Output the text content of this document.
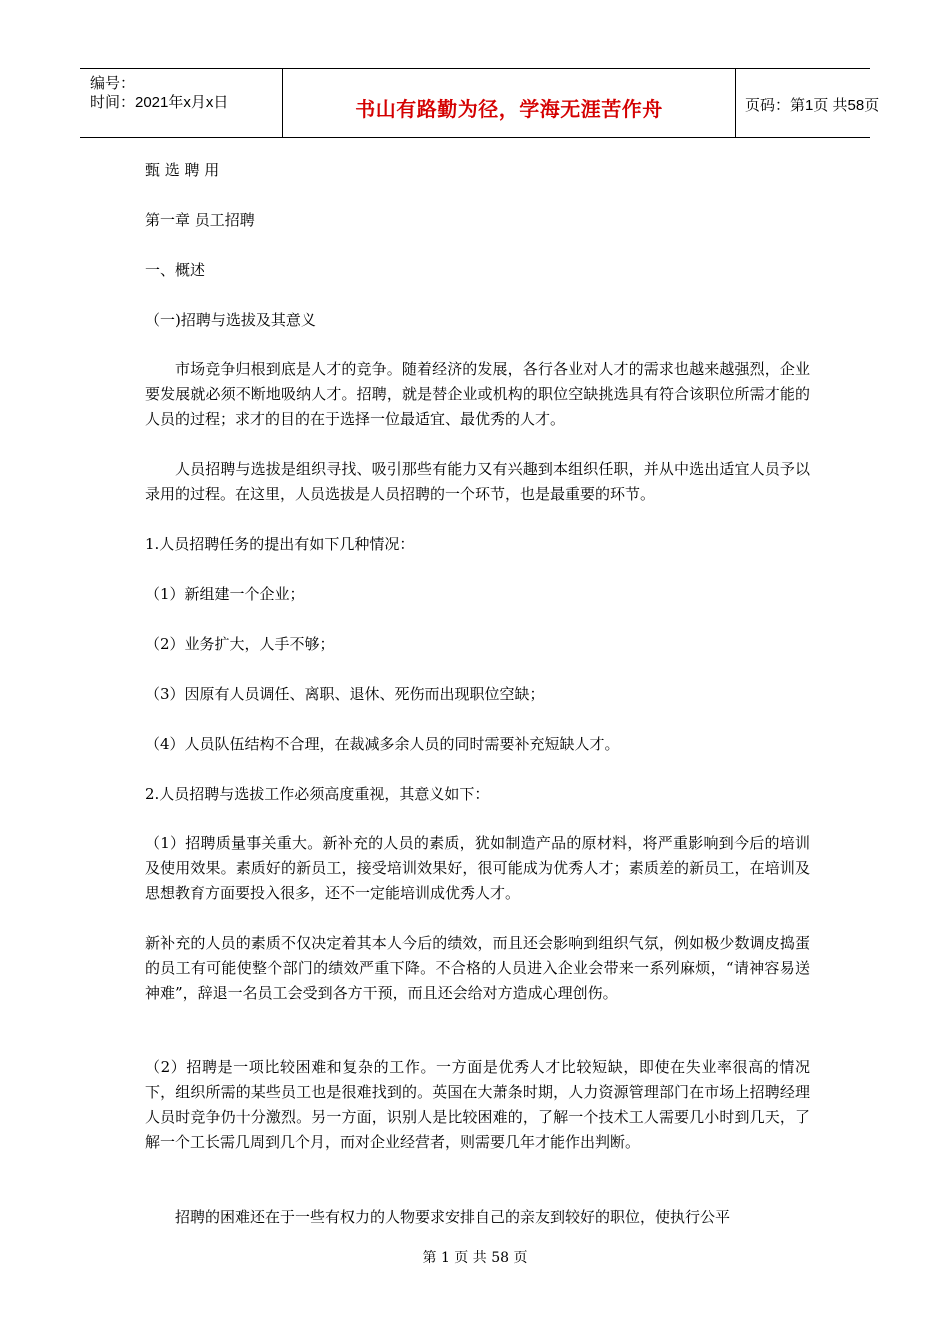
编号：
时间：2021年x月x日	书山有路勤为径，学海无涯苦作舟	页码：第1页 共58页

甄 选 聘 用

第一章 员工招聘

一、概述

（一)招聘与选拔及其意义

市场竞争归根到底是人才的竞争。随着经济的发展，各行各业对人才的需求也越来越强烈，企业要发展就必须不断地吸纳人才。招聘，就是替企业或机构的职位空缺挑选具有符合该职位所需才能的人员的过程；求才的目的在于选择一位最适宜、最优秀的人才。

人员招聘与选拔是组织寻找、吸引那些有能力又有兴趣到本组织任职，并从中选出适宜人员予以录用的过程。在这里，人员选拔是人员招聘的一个环节，也是最重要的环节。

1.人员招聘任务的提出有如下几种情况：

（1）新组建一个企业；

（2）业务扩大，人手不够；

（3）因原有人员调任、离职、退休、死伤而出现职位空缺；

（4）人员队伍结构不合理，在裁减多余人员的同时需要补充短缺人才。

2.人员招聘与选拔工作必须高度重视，其意义如下：

（1）招聘质量事关重大。新补充的人员的素质，犹如制造产品的原材料，将严重影响到今后的培训及使用效果。素质好的新员工，接受培训效果好，很可能成为优秀人才；素质差的新员工，在培训及思想教育方面要投入很多，还不一定能培训成优秀人才。

新补充的人员的素质不仅决定着其本人今后的绩效，而且还会影响到组织气氛，例如极少数调皮捣蛋的员工有可能使整个部门的绩效严重下降。不合格的人员进入企业会带来一系列麻烦，“请神容易送神难”，辞退一名员工会受到各方干预，而且还会给对方造成心理创伤。

（2）招聘是一项比较困难和复杂的工作。一方面是优秀人才比较短缺，即使在失业率很高的情况下，组织所需的某些员工也是很难找到的。英国在大萧条时期，人力资源管理部门在市场上招聘经理人员时竞争仍十分激烈。另一方面，识别人是比较困难的，了解一个技术工人需要几小时到几天，了解一个工长需几周到几个月，而对企业经营者，则需要几年才能作出判断。

招聘的困难还在于一些有权力的人物要求安排自己的亲友到较好的职位，使执行公平

第 1 页 共 58 页
